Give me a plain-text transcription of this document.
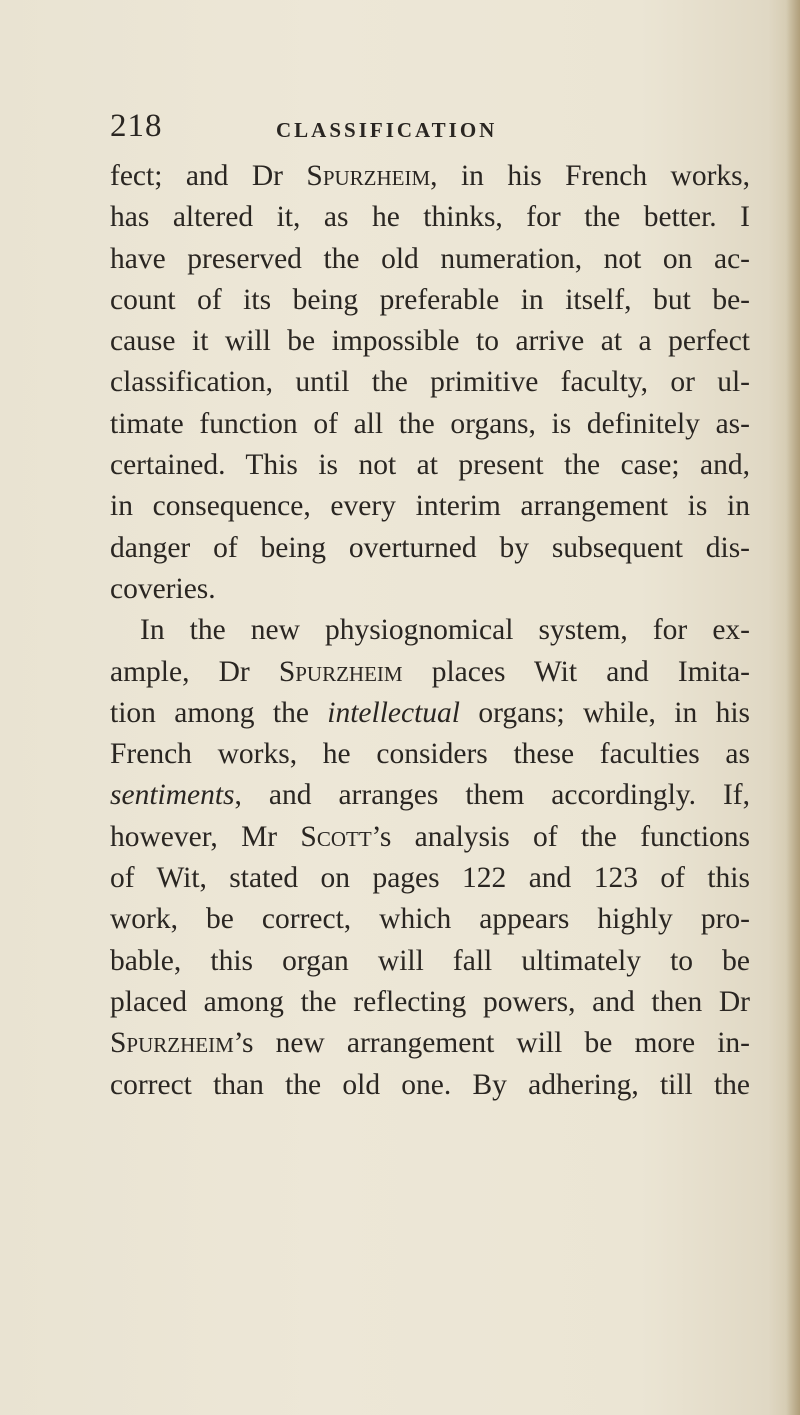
218	CLASSIFICATION
fect; and Dr Spurzheim, in his French works,
has altered it, as he thinks, for the better. I
have preserved the old numeration, not on ac-
count of its being preferable in itself, but be-
cause it will be impossible to arrive at a perfect
classification, until the primitive faculty, or ul-
timate function of all the organs, is definitely as-
certained. This is not at present the case; and,
in consequence, every interim arrangement is in
danger of being overturned by subsequent dis-
coveries.
In the new physiognomical system, for ex-
ample, Dr Spurzheim places Wit and Imita-
tion among the intellectual organs; while, in his
French works, he considers these faculties as
sentiments, and arranges them accordingly. If,
however, Mr Scott’s analysis of the functions
of Wit, stated on pages 122 and 123 of this
work, be correct, which appears highly pro-
bable, this organ will fall ultimately to be
placed among the reflecting powers, and then Dr
Spurzheim’s new arrangement will be more in-
correct than the old one. By adhering, till the
